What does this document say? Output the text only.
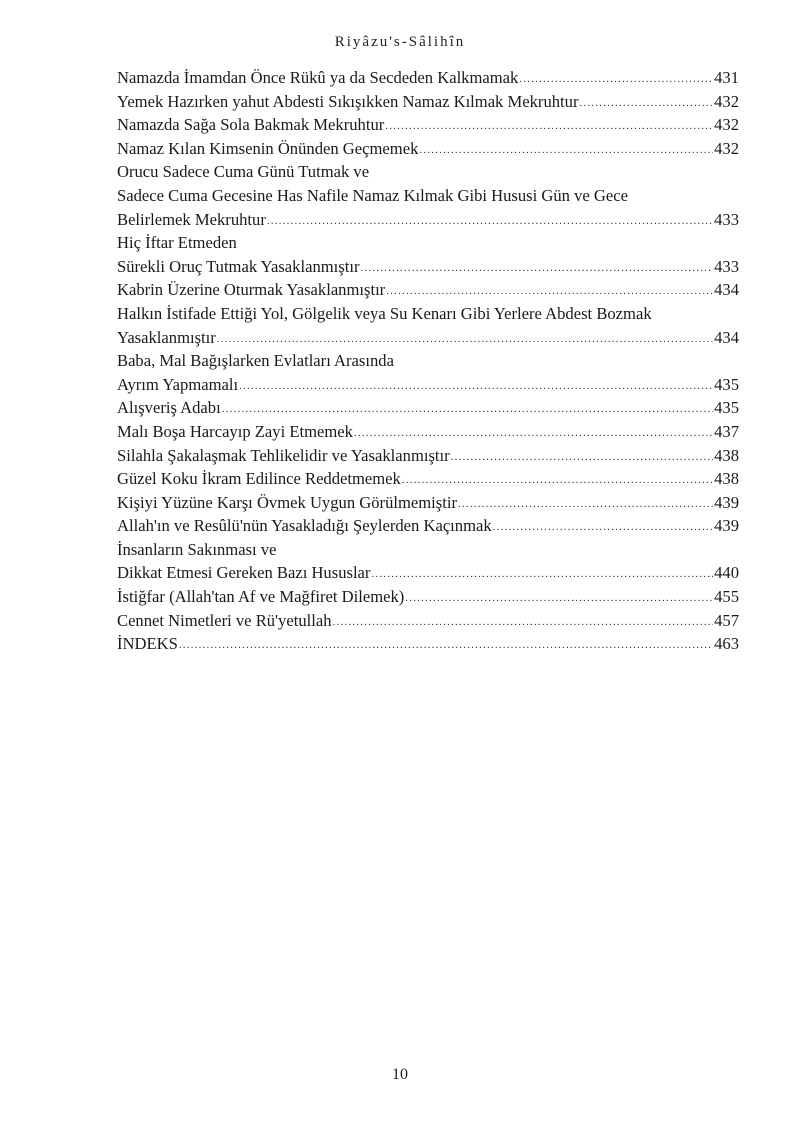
Riyâzu's-Sâlihîn
Namazda İmamdan Önce Rükû ya da Secdeden Kalkmamak .....	431
Yemek Hazırken yahut Abdesti Sıkışıkken Namaz Kılmak Mekruhtur .....	432
Namazda Sağa Sola Bakmak Mekruhtur .....	432
Namaz Kılan Kimsenin Önünden Geçmemek .....	432
Orucu Sadece Cuma Günü Tutmak ve
Sadece Cuma Gecesine Has Nafile Namaz Kılmak Gibi Hususi Gün ve Gece
Belirlemek Mekruhtur .....	433
Hiç İftar Etmeden
Sürekli Oruç Tutmak Yasaklanmıştır .....	433
Kabrin Üzerine Oturmak Yasaklanmıştır .....	434
Halkın İstifade Ettiği Yol, Gölgelik veya Su Kenarı Gibi Yerlere Abdest Bozmak
Yasaklanmıştır .....	434
Baba, Mal Bağışlarken Evlatları Arasında
Ayrım Yapmamalı .....	435
Alışveriş Adabı .....	435
Malı Boşa Harcayıp Zayi Etmemek .....	437
Silahla Şakalaşmak Tehlikelidir ve Yasaklanmıştır .....	438
Güzel Koku İkram Edilince Reddetmemek .....	438
Kişiyi Yüzüne Karşı Övmek Uygun Görülmemiştir .....	439
Allah'ın ve Resûlü'nün Yasakladığı Şeylerden Kaçınmak .....	439
İnsanların Sakınması ve
Dikkat Etmesi Gereken Bazı Hususlar .....	440
İstiğfar (Allah'tan Af ve Mağfiret Dilemek) .....	455
Cennet Nimetleri ve Rü'yetullah .....	457
İNDEKS .....	463
10
